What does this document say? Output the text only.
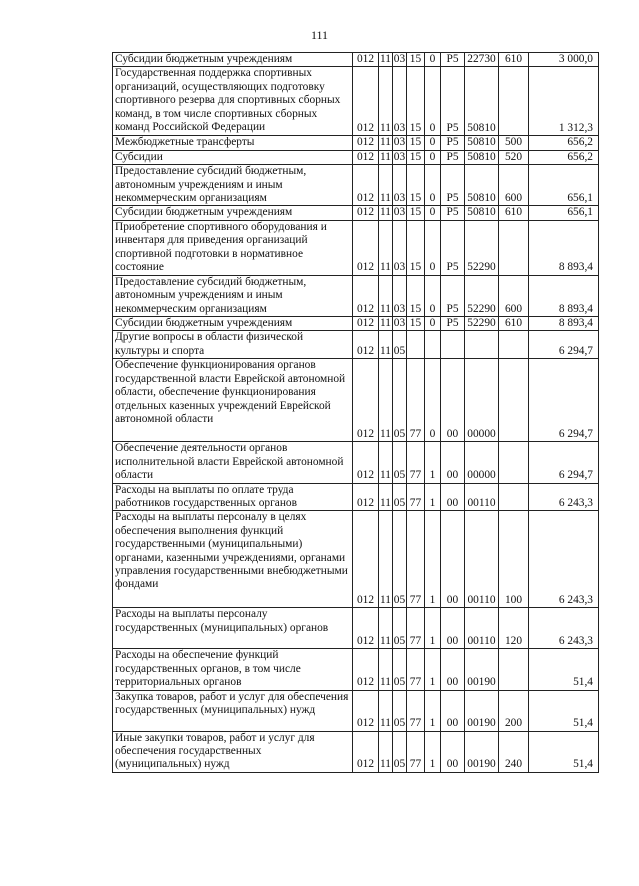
111
Субсидии бюджетным учреждениям	012	11	03	15	0	P5	22730	610	3 000,0
Государственная поддержка спортивных организаций, осуществляющих подготовку спортивного резерва для спортивных сборных команд, в том числе спортивных сборных команд Российской Федерации	012	11	03	15	0	P5	50810		1 312,3
Межбюджетные трансферты	012	11	03	15	0	P5	50810	500	656,2
Субсидии	012	11	03	15	0	P5	50810	520	656,2
Предоставление субсидий бюджетным, автономным учреждениям и иным некоммерческим организациям	012	11	03	15	0	P5	50810	600	656,1
Субсидии бюджетным учреждениям	012	11	03	15	0	P5	50810	610	656,1
Приобретение спортивного оборудования и инвентаря для приведения организаций спортивной подготовки в нормативное состояние	012	11	03	15	0	P5	52290		8 893,4
Предоставление субсидий бюджетным, автономным учреждениям и иным некоммерческим организациям	012	11	03	15	0	P5	52290	600	8 893,4
Субсидии бюджетным учреждениям	012	11	03	15	0	P5	52290	610	8 893,4
Другие вопросы в области физической культуры и спорта	012	11	05						6 294,7
Обеспечение функционирования органов государственной власти Еврейской автономной области, обеспечение функционирования отдельных казенных учреждений Еврейской автономной области	012	11	05	77	0	00	00000		6 294,7
Обеспечение деятельности органов исполнительной власти Еврейской автономной области	012	11	05	77	1	00	00000		6 294,7
Расходы на выплаты по оплате труда работников государственных органов	012	11	05	77	1	00	00110		6 243,3
Расходы на выплаты персоналу в целях обеспечения выполнения функций государственными (муниципальными) органами, казенными учреждениями, органами управления государственными внебюджетными фондами	012	11	05	77	1	00	00110	100	6 243,3
Расходы на выплаты персоналу государственных (муниципальных) органов	012	11	05	77	1	00	00110	120	6 243,3
Расходы на обеспечение функций государственных органов, в том числе территориальных органов	012	11	05	77	1	00	00190		51,4
Закупка товаров, работ и услуг для обеспечения государственных (муниципальных) нужд	012	11	05	77	1	00	00190	200	51,4
Иные закупки товаров, работ и услуг для обеспечения государственных (муниципальных) нужд	012	11	05	77	1	00	00190	240	51,4
